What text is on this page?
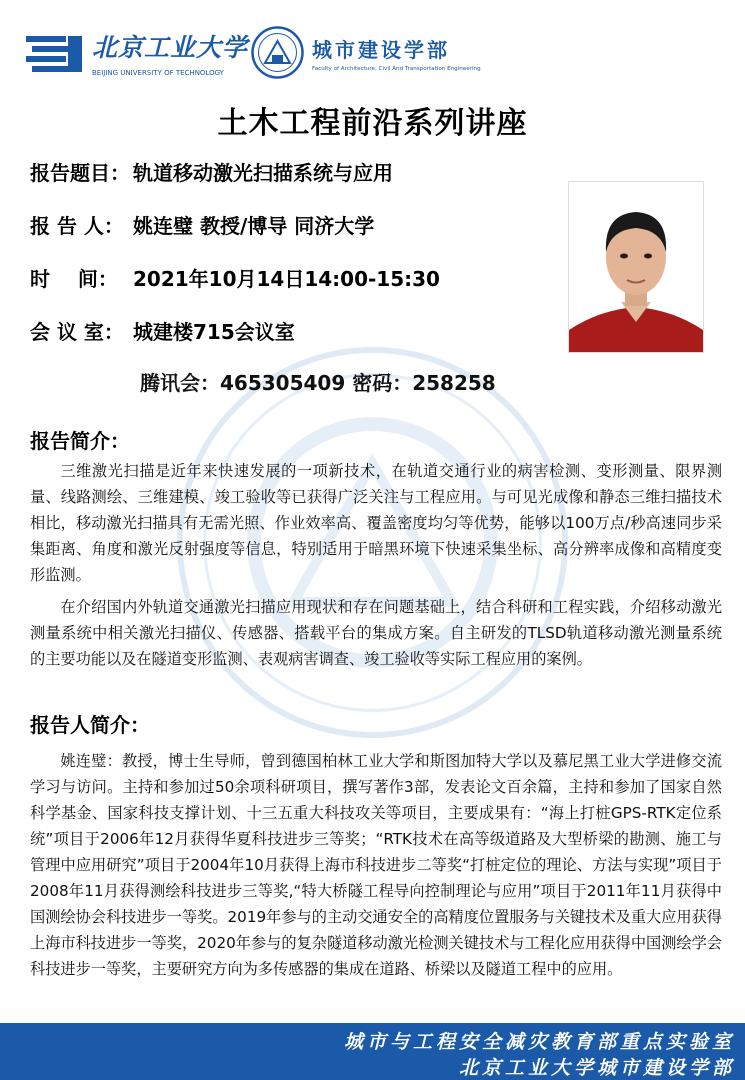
北京工业大学
BEIJING UNIVERSITY OF TECHNOLOGY
城市建设学部
Faculty of Architecture, Civil And Transportation Engineering
土木工程前沿系列讲座
报告题目： 轨道移动激光扫描系统与应用
报 告 人： 姚连璧 教授/博导 同济大学
时    间： 2021年10月14日14:00-15:30
会 议 室： 城建楼715会议室
腾讯会：465305409 密码：258258
报告简介：
三维激光扫描是近年来快速发展的一项新技术，在轨道交通行业的病害检测、变形测量、限界测量、线路测绘、三维建模、竣工验收等已获得广泛关注与工程应用。与可见光成像和静态三维扫描技术相比，移动激光扫描具有无需光照、作业效率高、覆盖密度均匀等优势，能够以100万点/秒高速同步采集距离、角度和激光反射强度等信息，特别适用于暗黑环境下快速采集坐标、高分辨率成像和高精度变形监测。
在介绍国内外轨道交通激光扫描应用现状和存在问题基础上，结合科研和工程实践，介绍移动激光测量系统中相关激光扫描仪、传感器、搭载平台的集成方案。自主研发的TLSD轨道移动激光测量系统的主要功能以及在隧道变形监测、表观病害调查、竣工验收等实际工程应用的案例。
报告人简介：
姚连璧：教授，博士生导师，曾到德国柏林工业大学和斯图加特大学以及慕尼黑工业大学进修交流学习与访问。主持和参加过50余项科研项目，撰写著作3部，发表论文百余篇，主持和参加了国家自然科学基金、国家科技支撑计划、十三五重大科技攻关等项目，主要成果有：“海上打桩GPS-RTK定位系统”项目于2006年12月获得华夏科技进步三等奖；“RTK技术在高等级道路及大型桥梁的勘测、施工与管理中应用研究”项目于2004年10月获得上海市科技进步二等奖“打桩定位的理论、方法与实现”项目于2008年11月获得测绘科技进步三等奖,“特大桥隧工程导向控制理论与应用”项目于2011年11月获得中国测绘协会科技进步一等奖。2019年参与的主动交通安全的高精度位置服务与关键技术及重大应用获得上海市科技进步一等奖，2020年参与的复杂隧道移动激光检测关键技术与工程化应用获得中国测绘学会科技进步一等奖，主要研究方向为多传感器的集成在道路、桥梁以及隧道工程中的应用。
城市与工程安全减灾教育部重点实验室
北京工业大学城市建设学部
